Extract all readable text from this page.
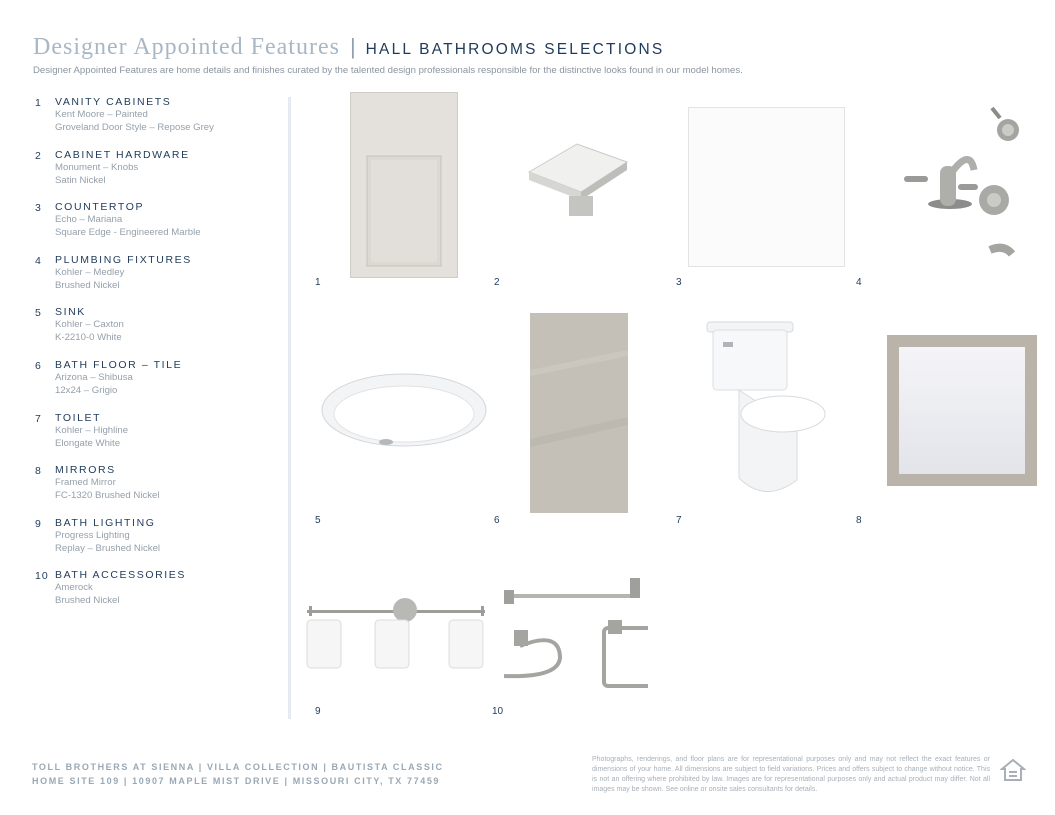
Designer Appointed Features | HALL BATHROOMS SELECTIONS
Designer Appointed Features are home details and finishes curated by the talented design professionals responsible for the distinctive looks found in our model homes.
1	VANITY CABINETS
Kent Moore – Painted
Groveland Door Style – Repose Grey
2	CABINET HARDWARE
Monument – Knobs
Satin Nickel
3	COUNTERTOP
Echo – Mariana
Square Edge - Engineered Marble
4	PLUMBING FIXTURES
Kohler – Medley
Brushed Nickel
5	SINK
Kohler – Caxton
K-2210-0 White
6	BATH FLOOR – TILE
Arizona – Shibusa
12x24 – Grigio
7	TOILET
Kohler – Highline
Elongate White
8	MIRRORS
Framed Mirror
FC-1320 Brushed Nickel
9	BATH LIGHTING
Progress Lighting
Replay – Brushed Nickel
10 BATH ACCESSORIES
Amerock
Brushed Nickel
1	2	3	4
5	6	7	8
9	10
TOLL BROTHERS AT SIENNA | VILLA COLLECTION | BAUTISTA CLASSIC
HOME SITE 109 | 10907 MAPLE MIST DRIVE | MISSOURI CITY, TX 77459
Photographs, renderings, and floor plans are for representational purposes only and may not reflect the exact features or dimensions of your home. All dimensions are subject to field variations. Prices and offers subject to change without notice. This is not an offering where prohibited by law. Images are for representational purposes only and actual product may differ. Not all images may be shown. See online or onsite sales consultants for details.
